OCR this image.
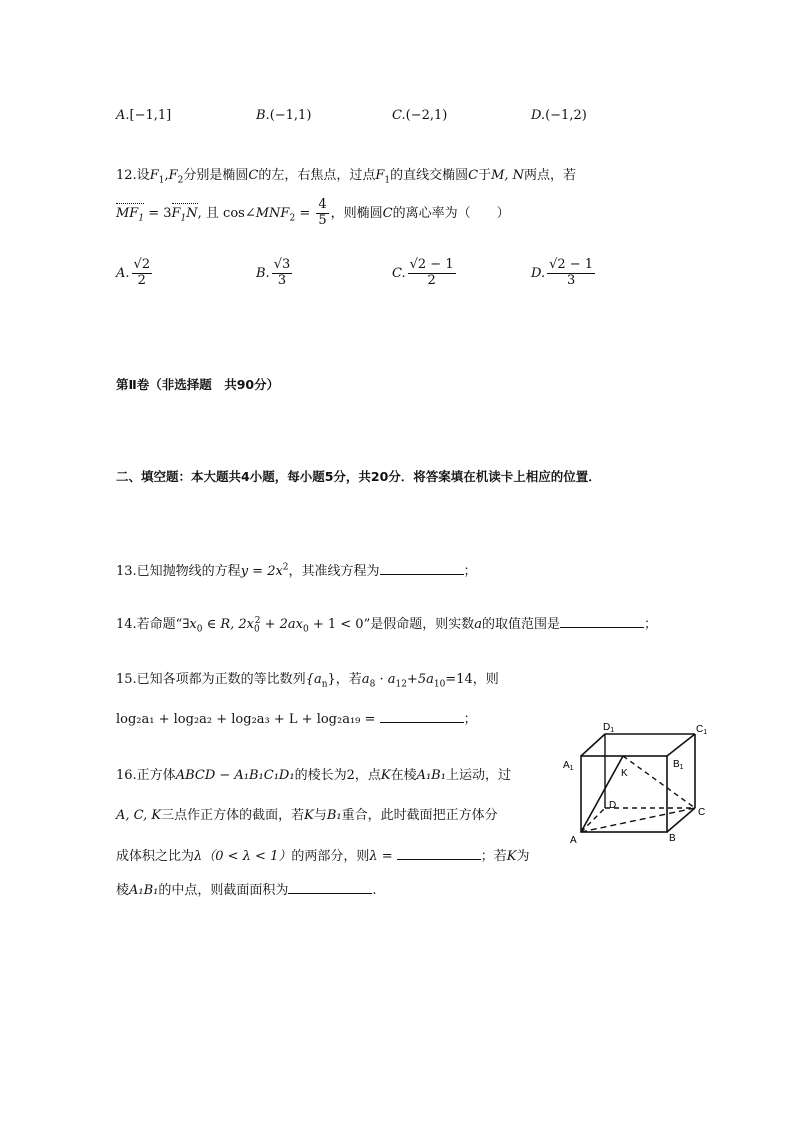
A.[−1,1]	B.(−1,1)	C.(−2,1)	D.(−1,2)
12.设$F_1,F_2$分别是椭圆C的左，右焦点，过点$F_1$的直线交椭圆C于M, N两点，若
$MF_1 = 3F_1N$, 且 $\cos\angle MNF_2 = \frac{4}{5}$ ，则椭圆C的离心率为（　　）
A. $\frac{√2}{2}$	B. $\frac{√3}{3}$	C. $\frac{√2 - 1}{2}$	D. $\frac{√2 - 1}{3}$
第Ⅱ卷（非选择题　共90分）
二、填空题：本大题共4小题，每小题5分，共20分．将答案填在机读卡上相应的位置．
13.已知抛物线的方程$y = 2x^2$，其准线方程为	；
14.若命题“$\exists x_0$ ∈ R, $2x_0^2 + 2ax_0 + 1 < 0$”是假命题，则实数a的取值范围是	；
15.已知各项都为正数的等比数列$\{a_n\}$，若$a_8 \cdot a_{12}+5a_{10}=14$，则
log₂a₁ + log₂a₂ + log₂a₃ + L + log₂a₁₉ =	；
16.正方体ABCD − A₁B₁C₁D₁的棱长为2，点K在棱A₁B₁上运动，过
A, C, K三点作正方体的截面，若K与B₁重合，此时截面把正方体分
成体积之比为λ（0 < λ < 1）的两部分，则λ =	；若K为
棱A₁B₁的中点，则截面面积为	.
$D_1$	$C_1$
$A_1$	$B_1$
K
D
A	B
C
